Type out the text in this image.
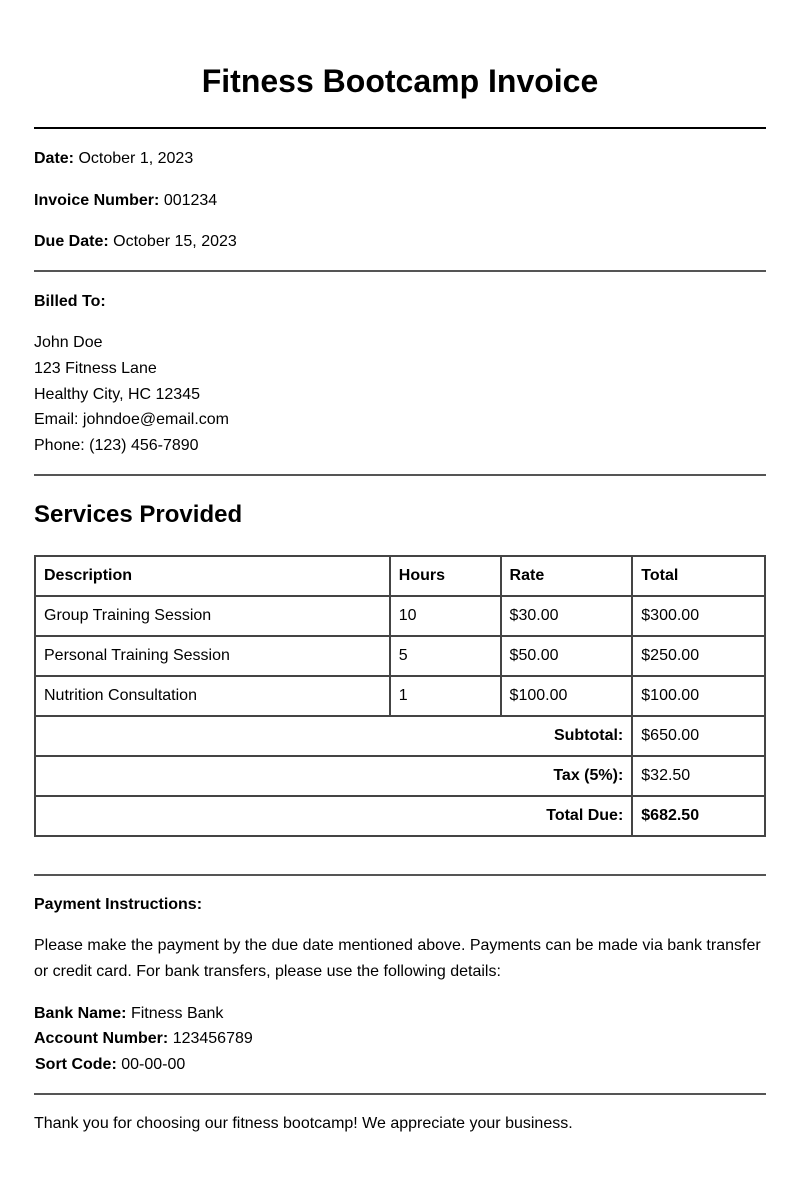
Fitness Bootcamp Invoice
Date: October 1, 2023
Invoice Number: 001234
Due Date: October 15, 2023
Billed To:
John Doe
123 Fitness Lane
Healthy City, HC 12345
Email: johndoe@email.com
Phone: (123) 456-7890
Services Provided
Description	Hours	Rate	Total
Group Training Session	10	$30.00	$300.00
Personal Training Session	5	$50.00	$250.00
Nutrition Consultation	1	$100.00	$100.00
Subtotal:			$650.00
Tax (5%):			$32.50
Total Due:			$682.50
Payment Instructions:
Please make the payment by the due date mentioned above. Payments can be made via bank transfer or credit card. For bank transfers, please use the following details:
Bank Name: Fitness Bank
Account Number: 123456789
Sort Code: 00-00-00
Thank you for choosing our fitness bootcamp! We appreciate your business.
